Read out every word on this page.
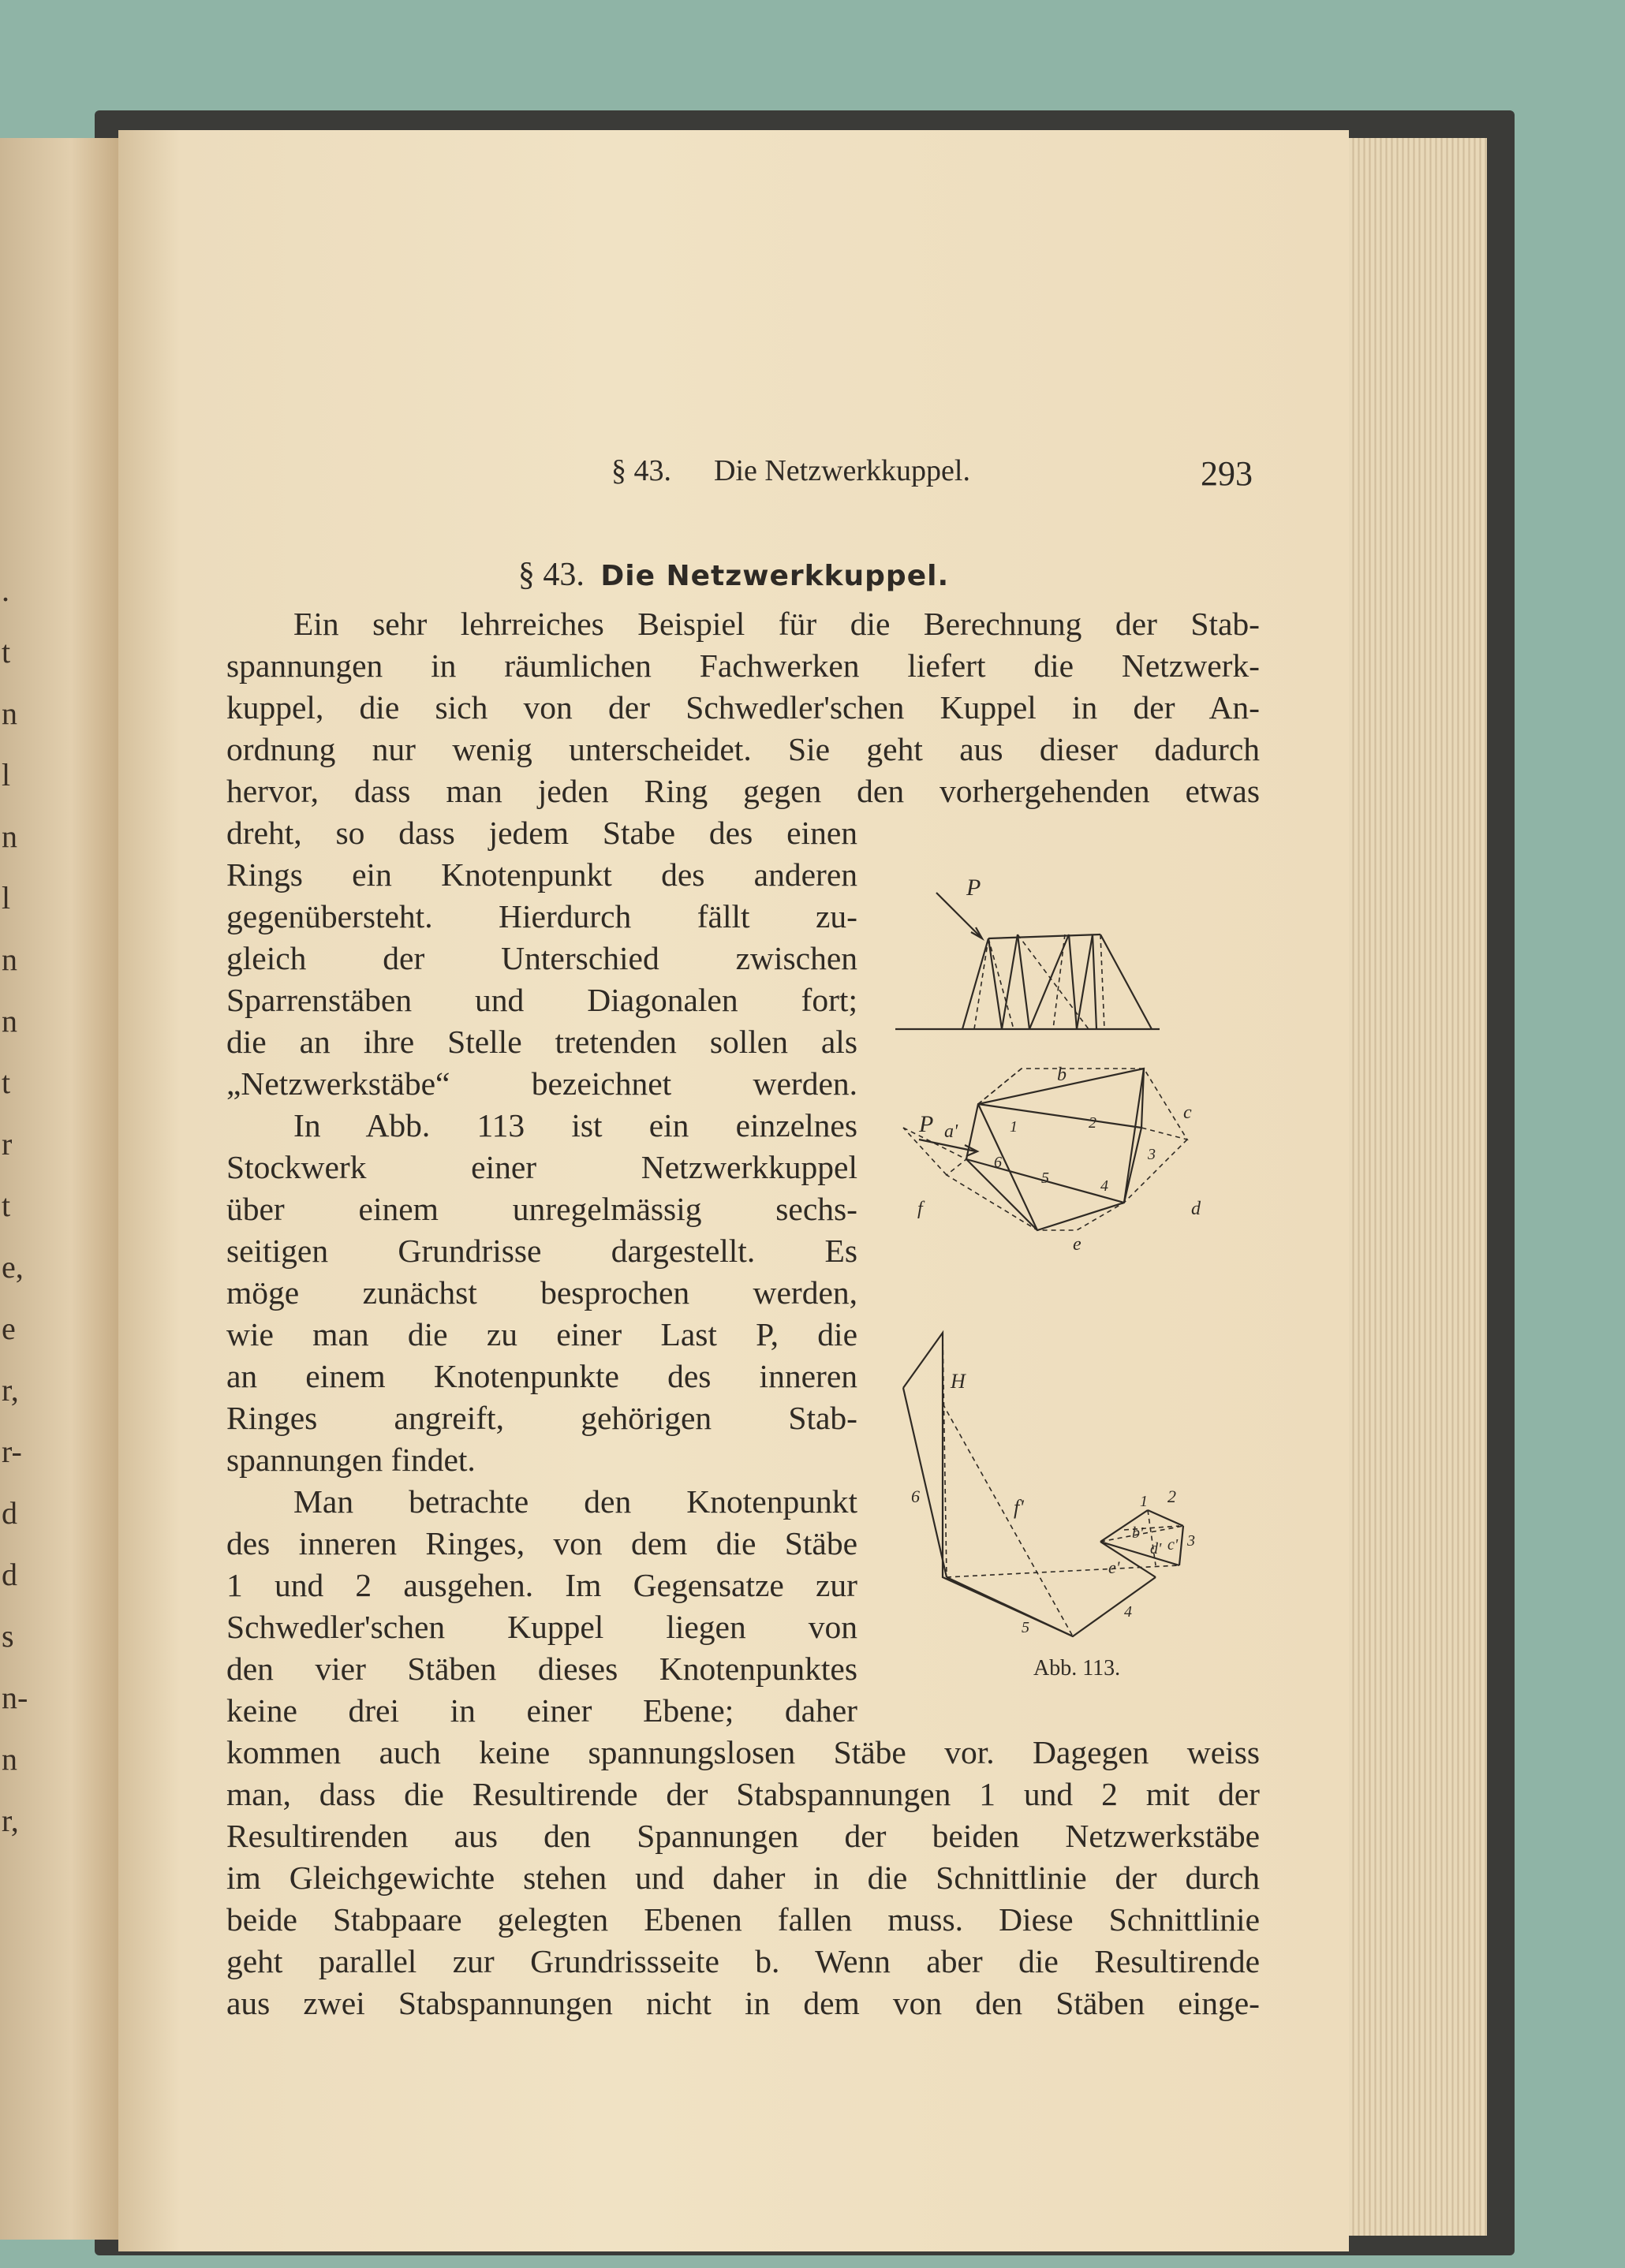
.
t
n
l
n
l
n
n
t
r
t
e,
e
r,
r-
d
d
s
n-
n
r,
§ 43. Die Netzwerkkuppel.	293
§ 43. Die Netzwerkkuppel.
Ein sehr lehrreiches Beispiel für die Berechnung der Stab-
spannungen in räumlichen Fachwerken liefert die Netzwerk-
kuppel, die sich von der Schwedler'schen Kuppel in der An-
ordnung nur wenig unterscheidet. Sie geht aus dieser dadurch
hervor, dass man jeden Ring gegen den vorhergehenden etwas
dreht, so dass jedem Stabe des einen
Rings ein Knotenpunkt des anderen
gegenübersteht. Hierdurch fällt zu-
gleich der Unterschied zwischen
Sparrenstäben und Diagonalen fort;
die an ihre Stelle tretenden sollen als
„Netzwerkstäbe“ bezeichnet werden.
In Abb. 113 ist ein einzelnes
Stockwerk einer Netzwerkkuppel
über einem unregelmässig sechs-
seitigen Grundrisse dargestellt. Es
möge zunächst besprochen werden,
wie man die zu einer Last P, die
an einem Knotenpunkte des inneren
Ringes angreift, gehörigen Stab-
spannungen findet.
Man betrachte den Knotenpunkt
des inneren Ringes, von dem die Stäbe
1 und 2 ausgehen. Im Gegensatze zur
Schwedler'schen Kuppel liegen von
den vier Stäben dieses Knotenpunktes
keine drei in einer Ebene; daher
kommen auch keine spannungslosen Stäbe vor. Dagegen weiss
man, dass die Resultirende der Stabspannungen 1 und 2 mit der
Resultirenden aus den Spannungen der beiden Netzwerkstäbe
im Gleichgewichte stehen und daher in die Schnittlinie der durch
beide Stabpaare gelegten Ebenen fallen muss. Diese Schnittlinie
geht parallel zur Grundrissseite b. Wenn aber die Resultirende
aus zwei Stabspannungen nicht in dem von den Stäben einge-
P
P a'
b
c
d
e
f
1	2
3
4
5
6
H
f'
e'
b'
c'
d'
1 2
3
4
5
6
Abb. 113.
